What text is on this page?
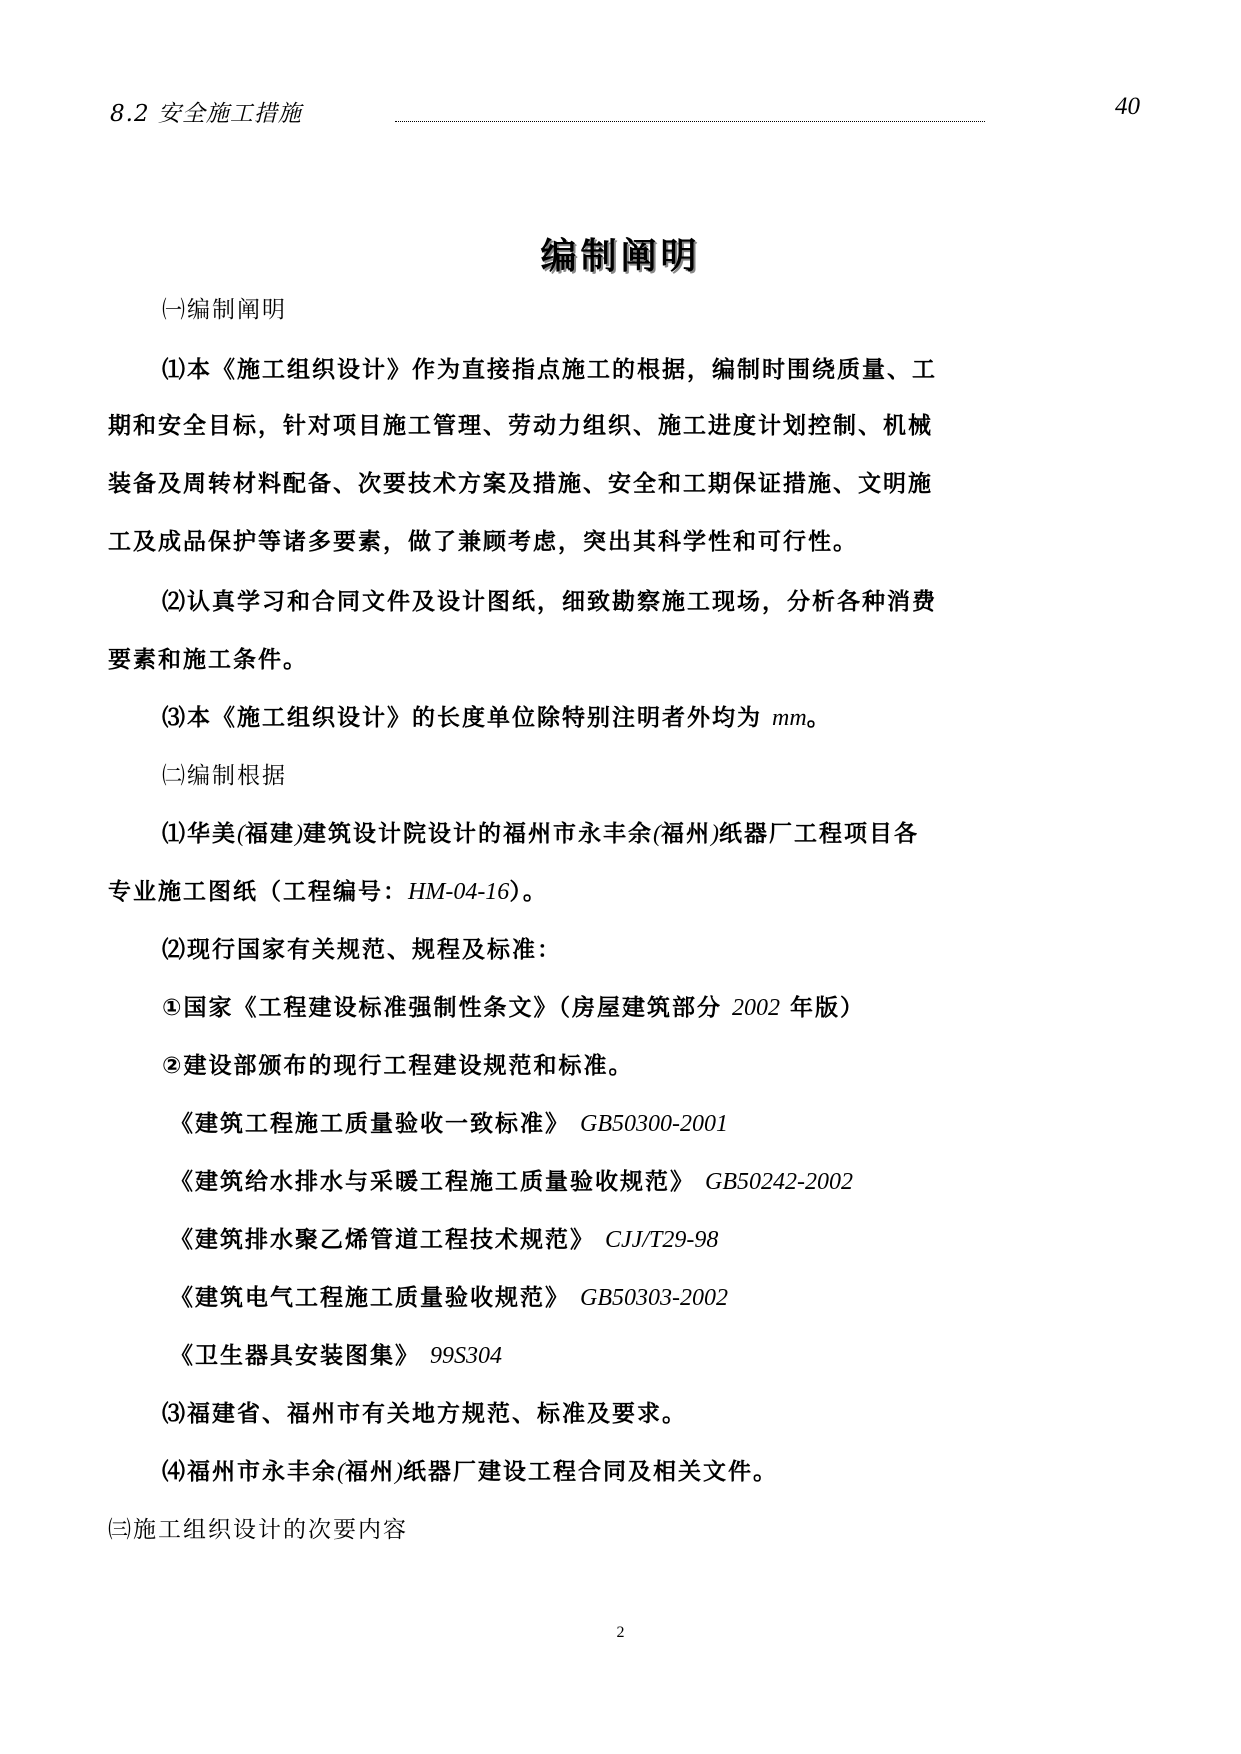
8.2 安全施工措施	40
编制阐明
㈠编制阐明
⑴本《施工组织设计》作为直接指点施工的根据，编制时围绕质量、工
期和安全目标，针对项目施工管理、劳动力组织、施工进度计划控制、机械
装备及周转材料配备、次要技术方案及措施、安全和工期保证措施、文明施
工及成品保护等诸多要素，做了兼顾考虑，突出其科学性和可行性。
⑵认真学习和合同文件及设计图纸，细致勘察施工现场，分析各种消费
要素和施工条件。
⑶本《施工组织设计》的长度单位除特别注明者外均为 mm。
㈡编制根据
⑴华美(福建)建筑设计院设计的福州市永丰余(福州)纸器厂工程项目各
专业施工图纸（工程编号：HM-04-16）。
⑵现行国家有关规范、规程及标准：
①国家《工程建设标准强制性条文》（房屋建筑部分 2002 年版）
②建设部颁布的现行工程建设规范和标准。
《建筑工程施工质量验收一致标准》 GB50300-2001
《建筑给水排水与采暖工程施工质量验收规范》 GB50242-2002
《建筑排水聚乙烯管道工程技术规范》 CJJ/T29-98
《建筑电气工程施工质量验收规范》 GB50303-2002
《卫生器具安装图集》 99S304
⑶福建省、福州市有关地方规范、标准及要求。
⑷福州市永丰余(福州)纸器厂建设工程合同及相关文件。
㈢施工组织设计的次要内容
2
